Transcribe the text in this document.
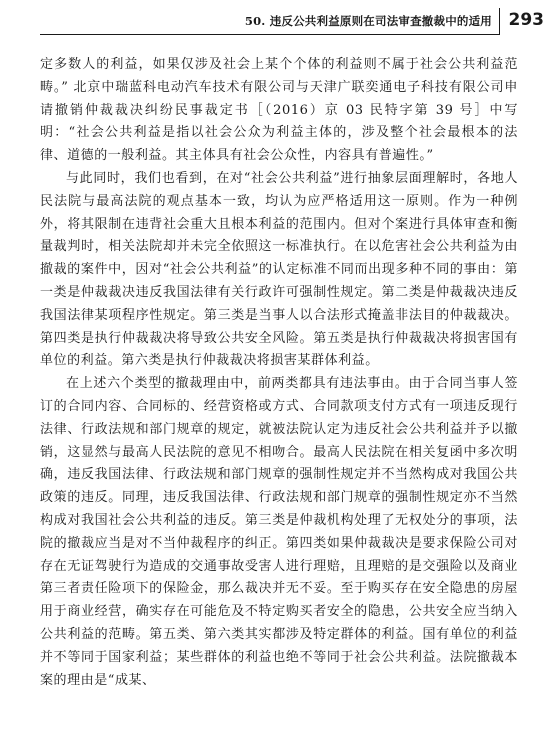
50. 违反公共利益原则在司法审查撤裁中的适用 293

定多数人的利益，如果仅涉及社会上某个个体的利益则不属于社会公共利益范畴。” 北京中瑞蓝科电动汽车技术有限公司与天津广联奕通电子科技有限公司申请撤销仲裁裁决纠纷民事裁定书［（2016）京 03 民特字第 39 号］中写明：“社会公共利益是指以社会公众为利益主体的，涉及整个社会最根本的法律、道德的一般利益。其主体具有社会公众性，内容具有普遍性。”

与此同时，我们也看到，在对“社会公共利益”进行抽象层面理解时，各地人民法院与最高法院的观点基本一致，均认为应严格适用这一原则。作为一种例外，将其限制在违背社会重大且根本利益的范围内。但对个案进行具体审查和衡量裁判时，相关法院却并未完全依照这一标准执行。在以危害社会公共利益为由撤裁的案件中，因对“社会公共利益”的认定标准不同而出现多种不同的事由：第一类是仲裁裁决违反我国法律有关行政许可强制性规定。第二类是仲裁裁决违反我国法律某项程序性规定。第三类是当事人以合法形式掩盖非法目的仲裁裁决。第四类是执行仲裁裁决将导致公共安全风险。第五类是执行仲裁裁决将损害国有单位的利益。第六类是执行仲裁裁决将损害某群体利益。

在上述六个类型的撤裁理由中，前两类都具有违法事由。由于合同当事人签订的合同内容、合同标的、经营资格或方式、合同款项支付方式有一项违反现行法律、行政法规和部门规章的规定，就被法院认定为违反社会公共利益并予以撤销，这显然与最高人民法院的意见不相吻合。最高人民法院在相关复函中多次明确，违反我国法律、行政法规和部门规章的强制性规定并不当然构成对我国公共政策的违反。同理，违反我国法律、行政法规和部门规章的强制性规定亦不当然构成对我国社会公共利益的违反。第三类是仲裁机构处理了无权处分的事项，法院的撤裁应当是对不当仲裁程序的纠正。第四类如果仲裁裁决是要求保险公司对存在无证驾驶行为造成的交通事故受害人进行理赔，且理赔的是交强险以及商业第三者责任险项下的保险金，那么裁决并无不妥。至于购买存在安全隐患的房屋用于商业经营，确实存在可能危及不特定购买者安全的隐患，公共安全应当纳入公共利益的范畴。第五类、第六类其实都涉及特定群体的利益。国有单位的利益并不等同于国家利益；某些群体的利益也绝不等同于社会公共利益。法院撤裁本案的理由是“成某、
